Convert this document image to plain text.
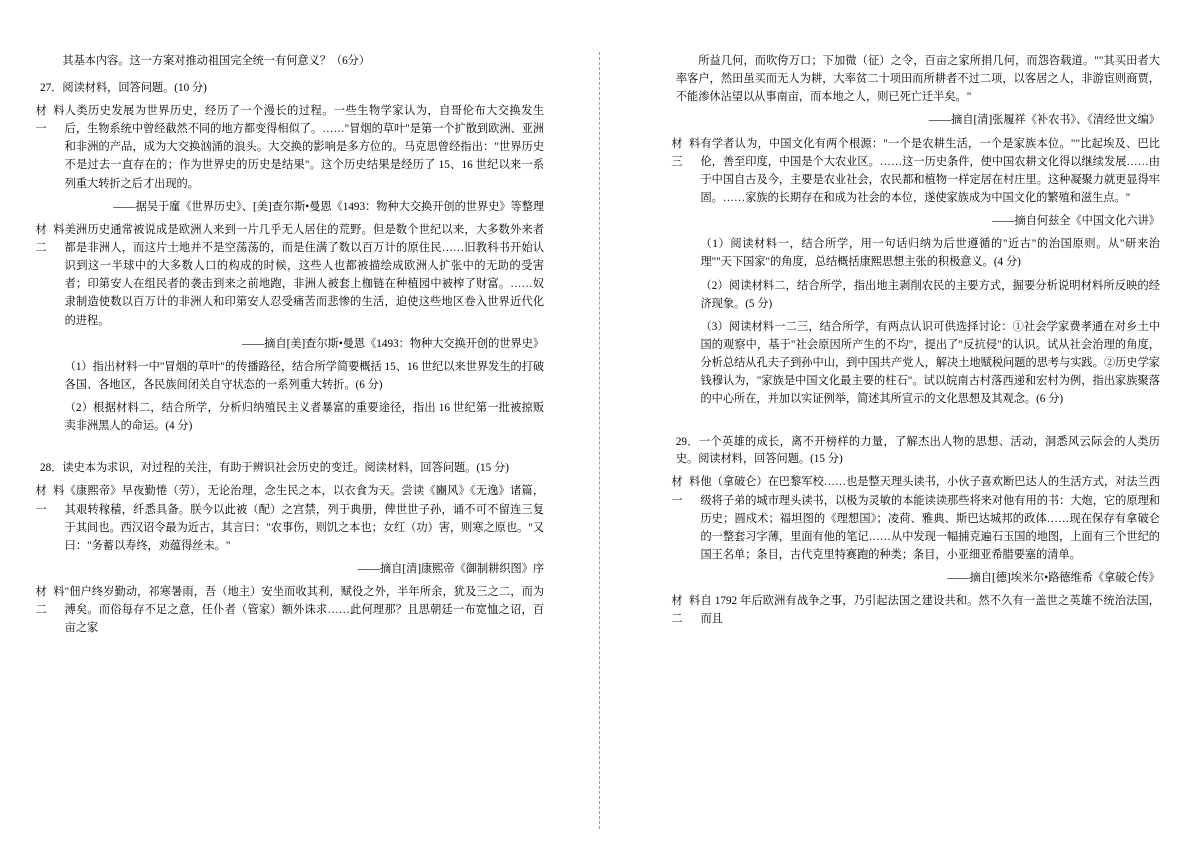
其基本内容。这一方案对推动祖国完全统一有何意义？（6分）

27．阅读材料，回答问题。(10 分)

材料一
人类历史发展为世界历史，经历了一个漫长的过程。一些生物学家认为，自哥伦布大交换发生后，生物系统中曾经截然不同的地方都变得相似了。……"冒烟的草叶"是第一个扩散到欧洲、亚洲和非洲的产品，成为大交换汹涌的浪头。大交换的影响是多方位的。马克思曾经指出："世界历史不是过去一直存在的；作为世界史的历史是结果"。这个历史结果是经历了 15、16 世纪以来一系列重大转折之后才出现的。

——据吴于廑《世界历史》、[美]查尔斯•曼恩《1493：物种大交换开创的世界史》等整理

材料二
美洲历史通常被说成是欧洲人来到一片几乎无人居住的荒野。但是数个世纪以来，大多数外来者都是非洲人，而这片土地并不是空荡荡的，而是住满了数以百万计的原住民……旧教科书开始认识到这一半球中的大多数人口的构成的时候，这些人也都被描绘成欧洲人扩张中的无助的受害者；印第安人在组民者的袭击到来之前地跑，非洲人被套上枷链在种植园中被榨了财富。……奴隶制造使数以百万计的非洲人和印第安人忍受痛苦而悲惨的生活，迫使这些地区卷入世界近代化的进程。

——摘自[美]查尔斯•曼恩《1493：物种大交换开创的世界史》

（1）指出材料一中"冒烟的草叶"的传播路径，结合所学简要概括 15、16 世纪以来世界发生的打破各国、各地区，各民族间闭关自守状态的一系列重大转折。(6 分)

（2）根据材料二，结合所学，分析归纳殖民主义者暴富的重要途径，指出 16 世纪第一批被掠贩卖非洲黑人的命运。(4 分)

28．读史本为求识，对过程的关注，有助于辨识社会历史的变迁。阅读材料，回答问题。(15 分)

材料一
《康熙帝》早夜勤惓（劳），无论治理，念生民之本，以衣食为天。尝读《豳风》《无逸》诸篇，其艰转稼穑，纤悉具备。朕今以此被（配）之宫禁，列于典册，俾世世子孙，诵不可不留连三复于其间也。西汉诏令最为近古，其言曰："农事伤，则饥之本也；女红（功）害，则寒之原也。"又曰："务蓄以寿终，劝蕴得丝未。"

——摘自[清]康熙帝《御制耕织图》序

材料二
"佃户终岁勤动，祁寒暑雨，吾（地主）安坐而收其利，赋役之外，半年所余，犹及三之二，而为溥矣。而俗每存不足之意，任仆者（管家）额外诛求……此何理那？且思朝廷一布宽恤之诏，百亩之家

所益几何，而吹侉万口；下加微（征）之令，百亩之家所捐几何，而怨咨载道。""其买田者大率客户，然田虽买而无人为耕，大率贫二十项田而所耕者不过二项，以客居之人，非游宦则商贾，不能渗休沾望以从事南亩，而本地之人，则已死亡迁半矣。"

——摘自[清]张履祥《补农书》、《清经世文编》

材料三
有学者认为，中国文化有两个根源："一个是农耕生活，一个是家族本位。""比起埃及、巴比伦，善至印度，中国是个大农业区。……这一历史条件，使中国农耕文化得以继续发展……由于中国自古及今，主要是农业社会，农民都和植物一样定居在村庄里。这种凝聚力就更显得牢固。……家族的长期存在和成为社会的本位，遂使家族成为中国文化的繁殖和滋生点。"

——摘自何兹全《中国文化六讲》

（1）阅读材料一，结合所学，用一句话归纳为后世遵循的"近古"的治国原则。从"研来治理""天下国家"的角度，总结概括康熙思想主张的积极意义。(4 分)

（2）阅读材料二，结合所学，指出地主剥削农民的主要方式，掘要分析说明材料所反映的经济现象。(5 分)

（3）阅读材料一二三，结合所学，有两点认识可供选择讨论：①社会学家费孝通在对乡土中国的观察中，基于"社会原因所产生的不均"，提出了"反抗侵"的认识。试从社会治理的角度，分析总结从孔夫子到孙中山，到中国共产党人，解决土地赋税问题的思考与实践。②历史学家钱穆认为，"家族是中国文化最主要的柱石"。试以皖南古村落西递和宏村为例，指出家族聚落的中心所在，并加以实证例举，简述其所宣示的文化思想及其观念。(6 分)

29．一个英雄的成长，离不开榜样的力量，了解杰出人物的思想、活动，洞悉风云际会的人类历史。阅读材料，回答问题。(15 分)

材料一
他（拿破仑）在巴黎军校……也是整天理头读书，小伙子喜欢断巴达人的生活方式，对法兰西级将子弟的城市理头读书，以极为灵敏的本能读读那些将来对他有用的书：大炮，它的原理和历史；圆戍术；福坦图的《理想国》；凌荷、雅典、斯巴达城邦的政体……现在保存有拿破仑的一整套习字薄，里面有他的笔记……从中发现一幅捕克遍石玉国的地图，上面有三个世纪的国王名单；条目，古代克里特赛跑的种类；条目，小亚细亚希腊要塞的清单。

——摘自[德]埃米尔•路德维希《拿破仑传》

材料二
自 1792 年后欧洲有战争之事，乃引起法国之建设共和。然不久有一盖世之英雄不统治法国，而且
